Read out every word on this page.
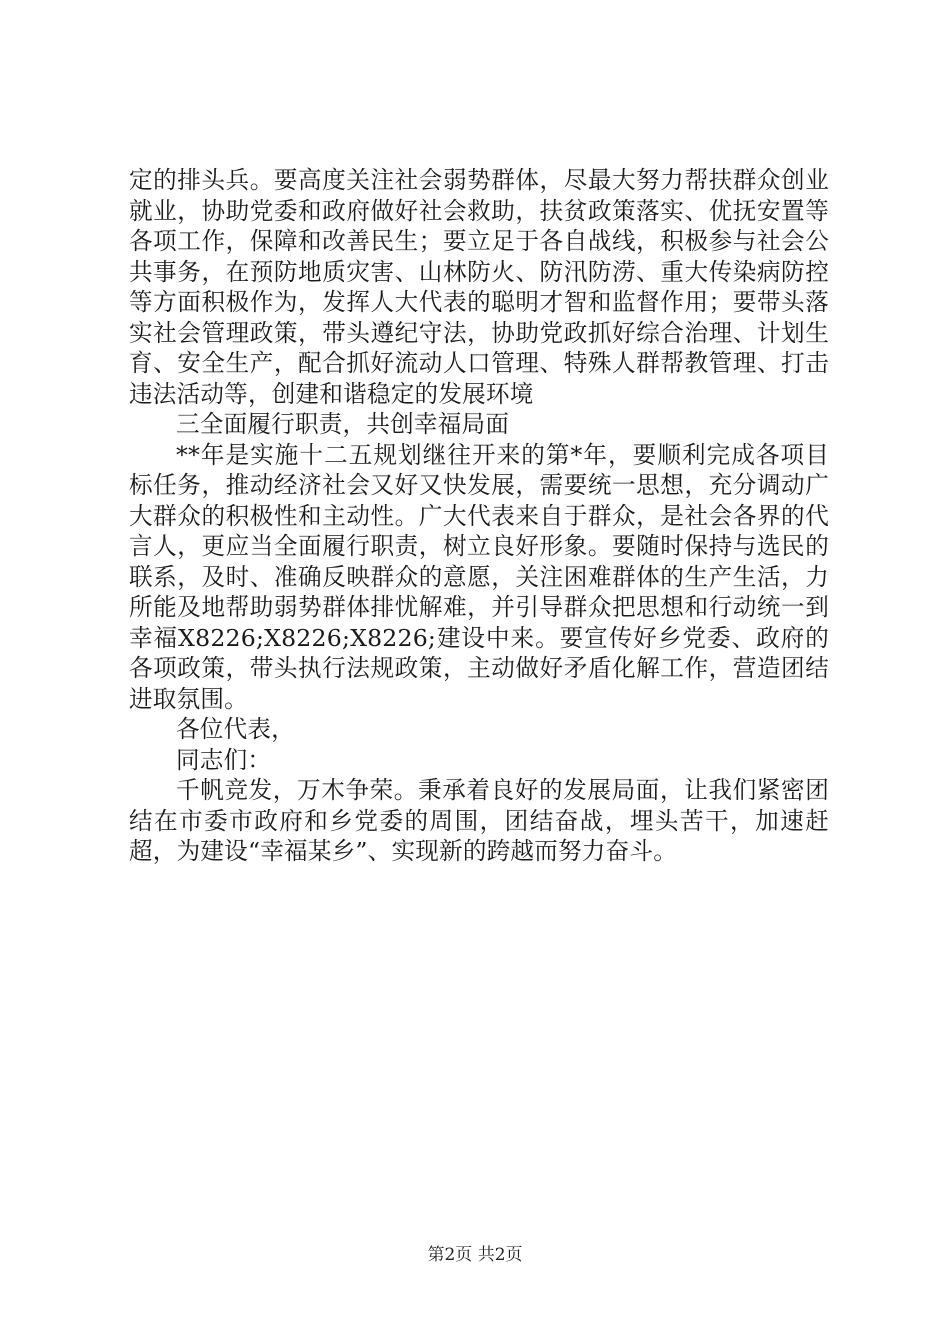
定的排头兵。要高度关注社会弱势群体，尽最大努力帮扶群众创业就业，协助党委和政府做好社会救助，扶贫政策落实、优抚安置等各项工作，保障和改善民生；要立足于各自战线，积极参与社会公共事务，在预防地质灾害、山林防火、防汛防涝、重大传染病防控等方面积极作为，发挥人大代表的聪明才智和监督作用；要带头落实社会管理政策，带头遵纪守法，协助党政抓好综合治理、计划生育、安全生产，配合抓好流动人口管理、特殊人群帮教管理、打击违法活动等，创建和谐稳定的发展环境

三全面履行职责，共创幸福局面

**年是实施十二五规划继往开来的第*年，要顺利完成各项目标任务，推动经济社会又好又快发展，需要统一思想，充分调动广大群众的积极性和主动性。广大代表来自于群众，是社会各界的代言人，更应当全面履行职责，树立良好形象。要随时保持与选民的联系，及时、准确反映群众的意愿，关注困难群体的生产生活，力所能及地帮助弱势群体排忧解难，并引导群众把思想和行动统一到幸福X8226;X8226;X8226;建设中来。要宣传好乡党委、政府的各项政策，带头执行法规政策，主动做好矛盾化解工作，营造团结进取氛围。

各位代表，

同志们：

千帆竞发，万木争荣。秉承着良好的发展局面，让我们紧密团结在市委市政府和乡党委的周围，团结奋战，埋头苦干，加速赶超，为建设“幸福某乡”、实现新的跨越而努力奋斗。

第2页 共2页
